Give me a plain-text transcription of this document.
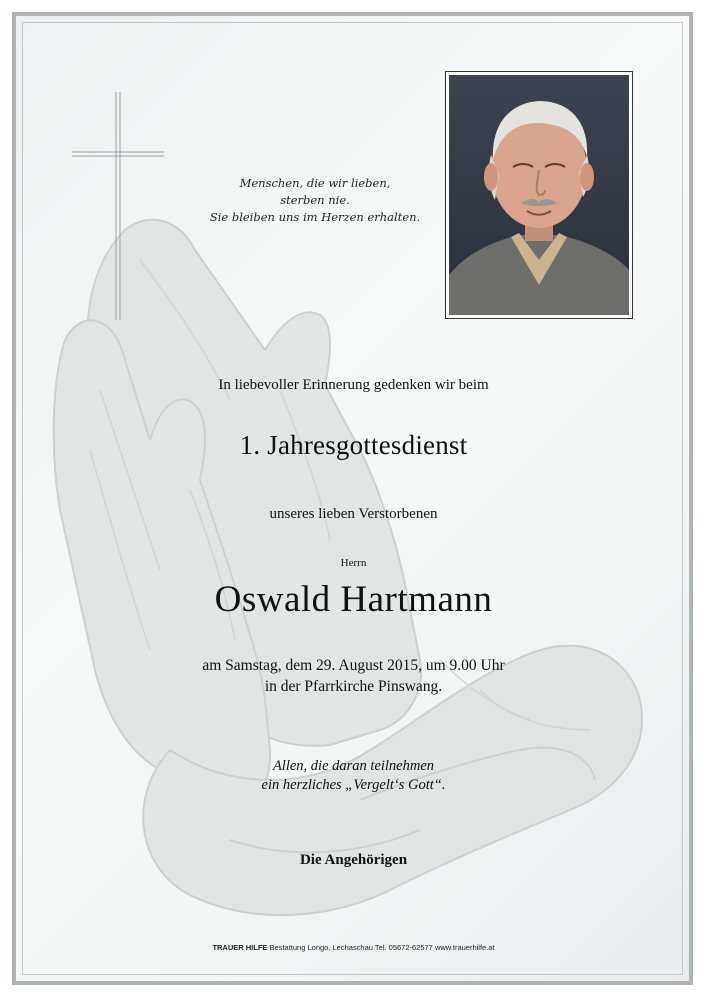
Menschen, die wir lieben,
sterben nie.
Sie bleiben uns im Herzen erhalten.
In liebevoller Erinnerung gedenken wir beim
1. Jahresgottesdienst
unseres lieben Verstorbenen
Herrn
Oswald Hartmann
am Samstag, dem 29. August 2015, um 9.00 Uhr
in der Pfarrkirche Pinswang.
Allen, die daran teilnehmen
ein herzliches „Vergelt‘s Gott“.
Die Angehörigen
TRAUER HILFE Bestattung Longo, Lechaschau Tel. 05672-62577 www.trauerhilfe.at
